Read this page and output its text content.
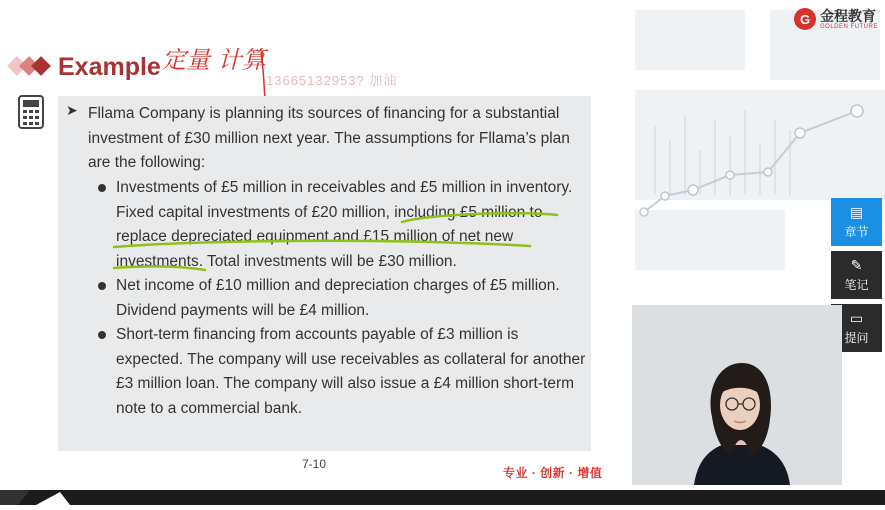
G 金程教育
GOLDEN FUTURE
Example 定量 计算
13665132953? 加油
➤ Fllama Company is planning its sources of financing for a substantial investment of £30 million next year. The assumptions for Fllama’s plan are the following:
Investments of £5 million in receivables and £5 million in inventory. Fixed capital investments of £20 million, including £5 million to replace depreciated equipment and £15 million of net new investments. Total investments will be £30 million.
Net income of £10 million and depreciation charges of £5 million. Dividend payments will be £4 million.
Short-term financing from accounts payable of £3 million is expected. The company will use receivables as collateral for another £3 million loan. The company will also issue a £4 million short-term note to a commercial bank.
7-10
专业 · 创新 · 增值
▤
章节
✎
笔记
▭
提问
